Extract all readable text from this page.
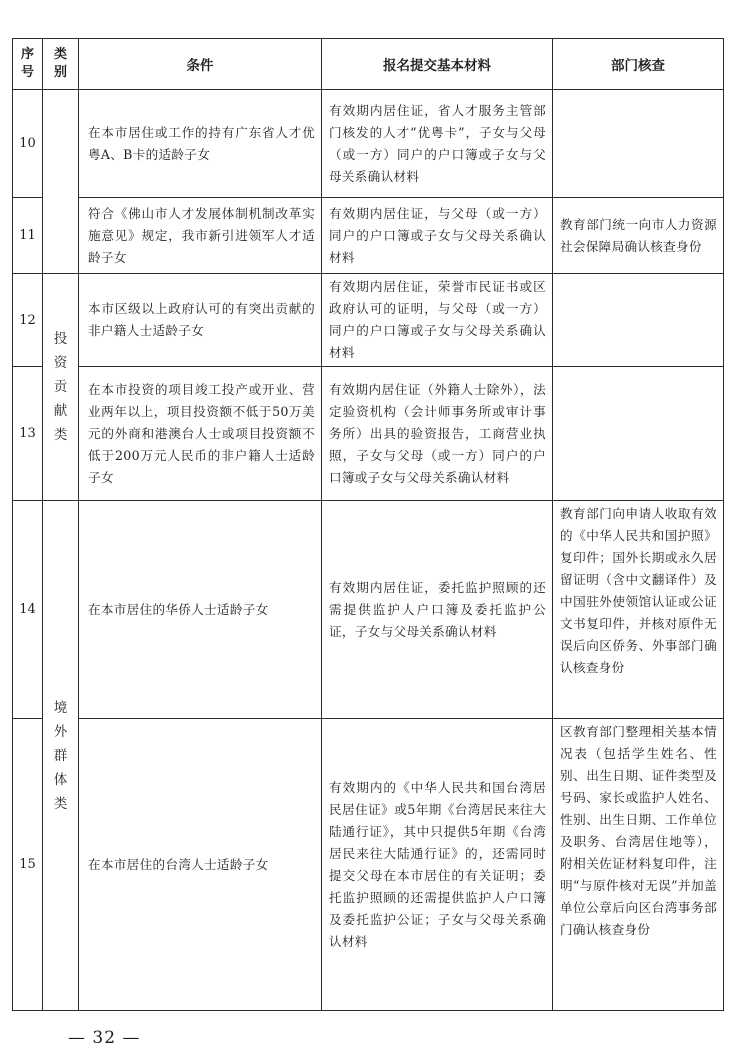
序号	类别	条件	报名提交基本材料	部门核查
10		在本市居住或工作的持有广东省人才优粤A、B卡的适龄子女	有效期内居住证，省人才服务主管部门核发的人才“优粤卡”，子女与父母（或一方）同户的户口簿或子女与父母关系确认材料	
11		符合《佛山市人才发展体制机制改革实施意见》规定，我市新引进领军人才适龄子女	有效期内居住证，与父母（或一方）同户的户口簿或子女与父母关系确认材料	教育部门统一向市人力资源社会保障局确认核查身份
12	投资贡献类	本市区级以上政府认可的有突出贡献的非户籍人士适龄子女	有效期内居住证，荣誉市民证书或区政府认可的证明，与父母（或一方）同户的户口簿或子女与父母关系确认材料	
13		在本市投资的项目竣工投产或开业、营业两年以上，项目投资额不低于50万美元的外商和港澳台人士或项目投资额不低于200万元人民币的非户籍人士适龄子女	有效期内居住证（外籍人士除外），法定验资机构（会计师事务所或审计事务所）出具的验资报告，工商营业执照，子女与父母（或一方）同户的户口簿或子女与父母关系确认材料	
14	境外群体类	在本市居住的华侨人士适龄子女	有效期内居住证，委托监护照顾的还需提供监护人户口簿及委托监护公证，子女与父母关系确认材料	教育部门向申请人收取有效的《中华人民共和国护照》复印件；国外长期或永久居留证明（含中文翻译件）及中国驻外使领馆认证或公证文书复印件，并核对原件无误后向区侨务、外事部门确认核查身份
15		在本市居住的台湾人士适龄子女	有效期内的《中华人民共和国台湾居民居住证》或5年期《台湾居民来往大陆通行证》，其中只提供5年期《台湾居民来往大陆通行证》的，还需同时提交父母在本市居住的有关证明；委托监护照顾的还需提供监护人户口簿及委托监护公证；子女与父母关系确认材料	区教育部门整理相关基本情况表（包括学生姓名、性别、出生日期、证件类型及号码、家长或监护人姓名、性别、出生日期、工作单位及职务、台湾居住地等），附相关佐证材料复印件，注明“与原件核对无误”并加盖单位公章后向区台湾事务部门确认核查身份
— 32 —
